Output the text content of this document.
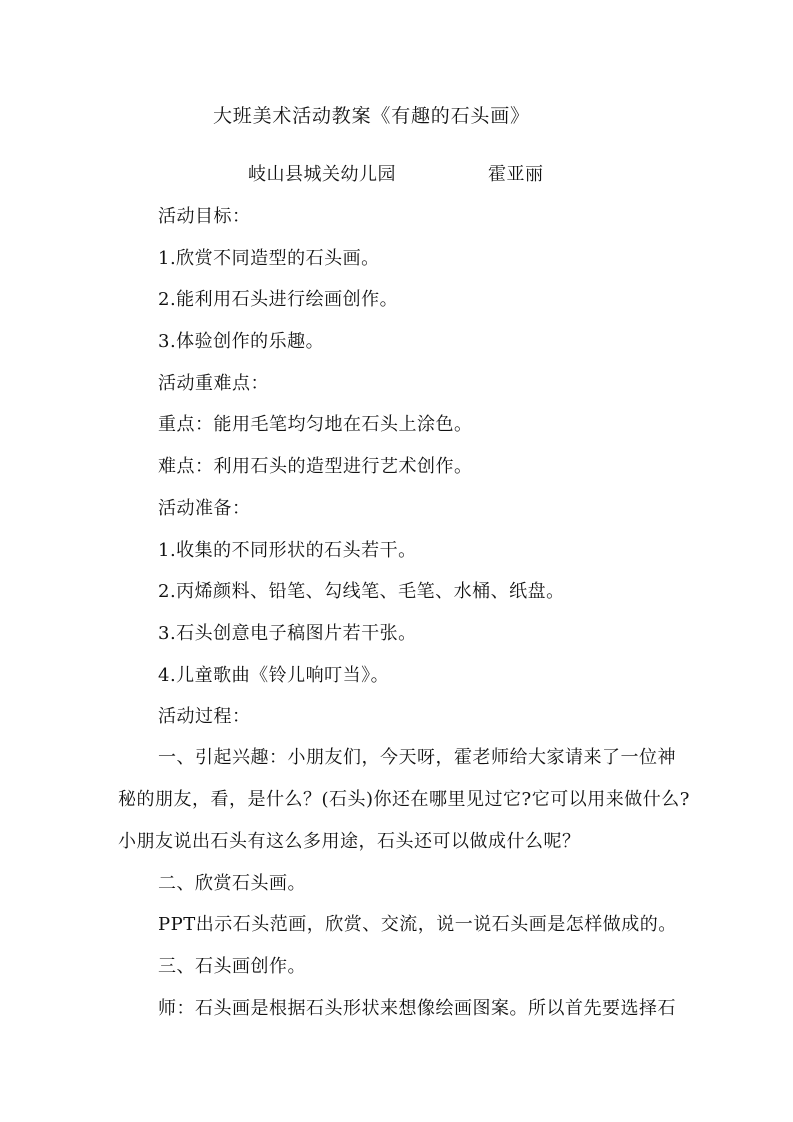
大班美术活动教案《有趣的石头画》
岐山县城关幼儿园	霍亚丽
活动目标：
1.欣赏不同造型的石头画。
2.能利用石头进行绘画创作。
3.体验创作的乐趣。
活动重难点：
重点：能用毛笔均匀地在石头上涂色。
难点：利用石头的造型进行艺术创作。
活动准备：
1.收集的不同形状的石头若干。
2.丙烯颜料、铅笔、勾线笔、毛笔、水桶、纸盘。
3.石头创意电子稿图片若干张。
4.儿童歌曲《铃儿响叮当》。
活动过程：
一、引起兴趣：小朋友们，今天呀，霍老师给大家请来了一位神
秘的朋友，看，是什么？(石头)你还在哪里见过它?它可以用来做什么?
小朋友说出石头有这么多用途，石头还可以做成什么呢？
二、欣赏石头画。
PPT出示石头范画，欣赏、交流，说一说石头画是怎样做成的。
三、石头画创作。
师：石头画是根据石头形状来想像绘画图案。所以首先要选择石
